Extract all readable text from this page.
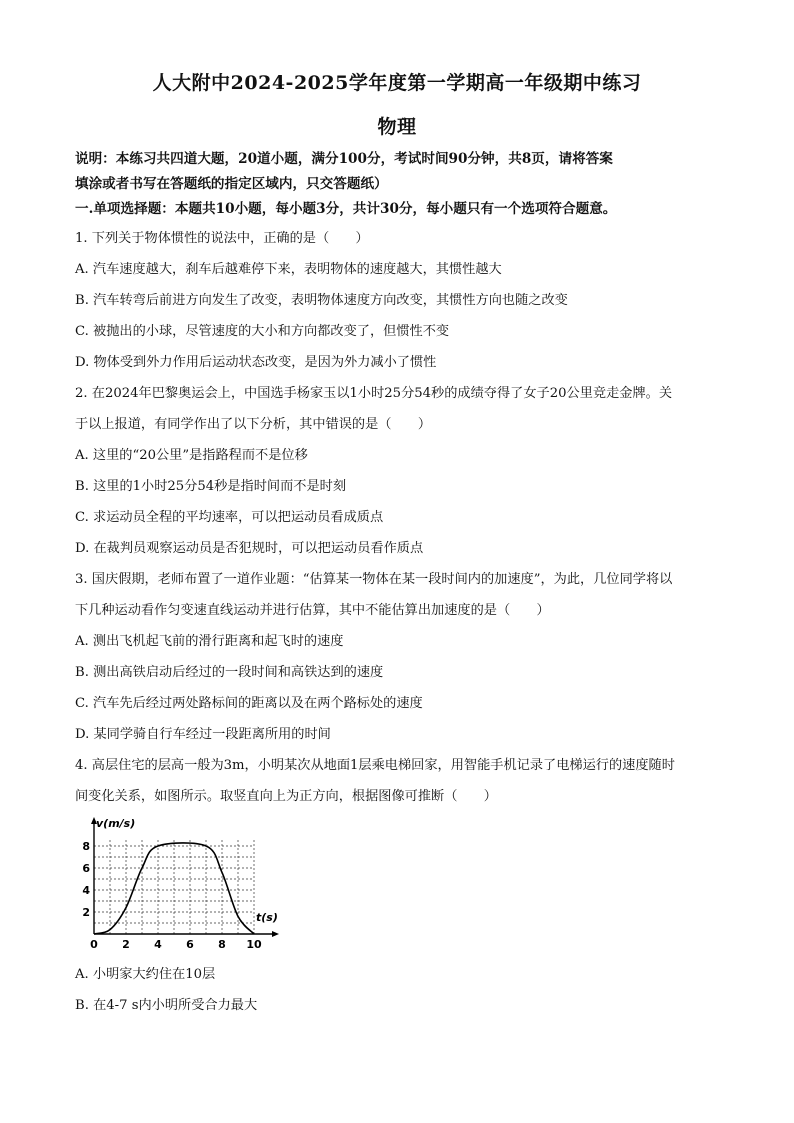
人大附中2024-2025学年度第一学期高一年级期中练习
物理
说明：本练习共四道大题，20道小题，满分100分，考试时间90分钟，共8页，请将答案
填涂或者书写在答题纸的指定区域内，只交答题纸）
一.单项选择题：本题共10小题，每小题3分，共计30分，每小题只有一个选项符合题意。
1. 下列关于物体惯性的说法中，正确的是（　　）
A. 汽车速度越大，刹车后越难停下来，表明物体的速度越大，其惯性越大
B. 汽车转弯后前进方向发生了改变，表明物体速度方向改变，其惯性方向也随之改变
C. 被抛出的小球，尽管速度的大小和方向都改变了，但惯性不变
D. 物体受到外力作用后运动状态改变，是因为外力减小了惯性
2. 在2024年巴黎奥运会上，中国选手杨家玉以1小时25分54秒的成绩夺得了女子20公里竞走金牌。关
于以上报道，有同学作出了以下分析，其中错误的是（　　）
A. 这里的“20公里”是指路程而不是位移
B. 这里的1小时25分54秒是指时间而不是时刻
C. 求运动员全程的平均速率，可以把运动员看成质点
D. 在裁判员观察运动员是否犯规时，可以把运动员看作质点
3. 国庆假期，老师布置了一道作业题：“估算某一物体在某一段时间内的加速度”，为此，几位同学将以
下几种运动看作匀变速直线运动并进行估算，其中不能估算出加速度的是（　　）
A. 测出飞机起飞前的滑行距离和起飞时的速度
B. 测出高铁启动后经过的一段时间和高铁达到的速度
C. 汽车先后经过两处路标间的距离以及在两个路标处的速度
D. 某同学骑自行车经过一段距离所用的时间
4. 高层住宅的层高一般为3m，小明某次从地面1层乘电梯回家，用智能手机记录了电梯运行的速度随时
间变化关系，如图所示。取竖直向上为正方向，根据图像可推断（　　）
0 2 4 6 8 10
2
4
6
8
v(m/s)
t(s)
A. 小明家大约住在10层
B. 在4-7 s内小明所受合力最大
